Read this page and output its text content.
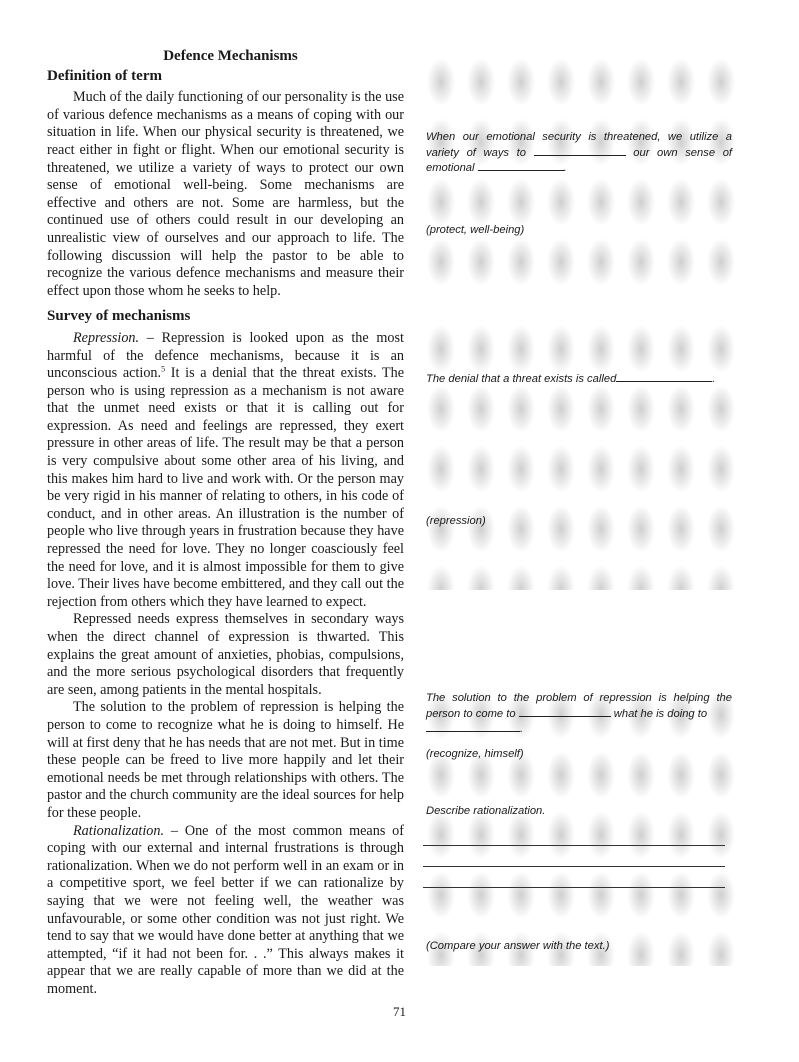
Defence Mechanisms
Definition of term

Much of the daily functioning of our personality is the use of various defence mechanisms as a means of coping with our situation in life. When our physical security is threatened, we react either in fight or flight. When our emotional security is threatened, we utilize a variety of ways to protect our own sense of emotional well-being. Some mechanisms are effective and others are not. Some are harmless, but the continued use of others could result in our developing an unrealistic view of ourselves and our approach to life. The following discussion will help the pastor to be able to recognize the various defence mechanisms and measure their effect upon those whom he seeks to help.

Survey of mechanisms

Repression. – Repression is looked upon as the most harmful of the defence mechanisms, because it is an unconscious action.$^5$ It is a denial that the threat exists. The person who is using repression as a mechanism is not aware that the unmet need exists or that it is calling out for expression. As need and feelings are repressed, they exert pressure in other areas of life. The result may be that a person is very compulsive about some other area of his living, and this makes him hard to live and work with. Or the person may be very rigid in his manner of relating to others, in his code of conduct, and in other areas. An illustration is the number of people who live through years in frustration because they have repressed the need for love. They no longer coasciously feel the need for love, and it is almost impossible for them to give love. Their lives have become embittered, and they call out the rejection from others which they have learned to expect.

Repressed needs express themselves in secondary ways when the direct channel of expression is thwarted. This explains the great amount of anxieties, phobias, compulsions, and the more serious psychological disorders that frequently are seen, among patients in the mental hospitals.

The solution to the problem of repression is helping the person to come to recognize what he is doing to himself. He will at first deny that he has needs that are not met. But in time these people can be freed to live more happily and let their emotional needs be met through relationships with others. The pastor and the church community are the ideal sources for help for these people.

Rationalization. – One of the most common means of coping with our external and internal frustrations is through rationalization. When we do not perform well in an exam or in a competitive sport, we feel better if we can rationalize by saying that we were not feeling well, the weather was unfavourable, or some other condition was not just right. We tend to say that we would have done better at anything that we attempted, “if it had not been for. . .” This always makes it appear that we are really capable of more than we did at the moment.

When our emotional security is threatened, we utilize a variety of ways to	our own sense of emotional	.
(protect, well-being)
The denial that a threat exists is called	.
(repression)
The solution to the problem of repression is helping the person to come to	what he is doing to
.
(recognize, himself)
Describe rationalization.
(Compare your answer with the text.)
71
